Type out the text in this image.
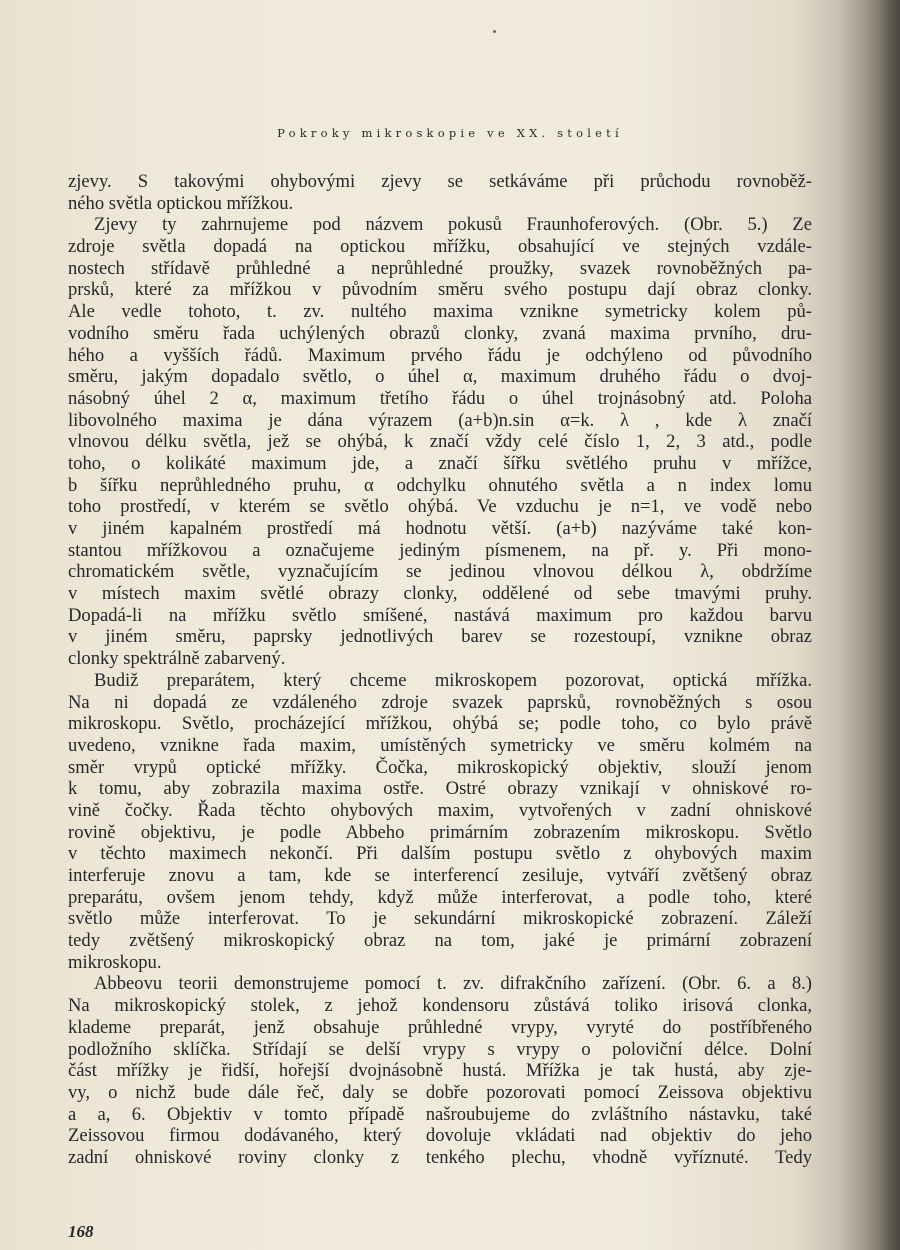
Pokroky mikroskopie ve XX. století
zjevy. S takovými ohybovými zjevy se setkáváme při průchodu rovnoběž-
ného světla optickou mřížkou.
Zjevy ty zahrnujeme pod názvem pokusů Fraunhoferových. (Obr. 5.) Ze
zdroje světla dopadá na optickou mřížku, obsahující ve stejných vzdále-
nostech střídavě průhledné a neprůhledné proužky, svazek rovnoběžných pa-
prsků, které za mřížkou v původním směru svého postupu dají obraz clonky.
Ale vedle tohoto, t. zv. nultého maxima vznikne symetricky kolem pů-
vodního směru řada uchýlených obrazů clonky, zvaná maxima prvního, dru-
hého a vyšších řádů. Maximum prvého řádu je odchýleno od původního
směru, jakým dopadalo světlo, o úhel α, maximum druhého řádu o dvoj-
násobný úhel 2 α, maximum třetího řádu o úhel trojnásobný atd. Poloha
libovolného maxima je dána výrazem (a+b)n.sin α=k. λ , kde λ značí
vlnovou délku světla, jež se ohýbá, k značí vždy celé číslo 1, 2, 3 atd., podle
toho, o kolikáté maximum jde, a značí šířku světlého pruhu v mřížce,
b šířku neprůhledného pruhu, α odchylku ohnutého světla a n index lomu
toho prostředí, v kterém se světlo ohýbá. Ve vzduchu je n=1, ve vodě nebo
v jiném kapalném prostředí má hodnotu větší. (a+b) nazýváme také kon-
stantou mřížkovou a označujeme jediným písmenem, na př. y. Při mono-
chromatickém světle, vyznačujícím se jedinou vlnovou délkou λ, obdržíme
v místech maxim světlé obrazy clonky, oddělené od sebe tmavými pruhy.
Dopadá-li na mřížku světlo smíšené, nastává maximum pro každou barvu
v jiném směru, paprsky jednotlivých barev se rozestoupí, vznikne obraz
clonky spektrálně zabarvený.
Budiž preparátem, který chceme mikroskopem pozorovat, optická mřížka.
Na ni dopadá ze vzdáleného zdroje svazek paprsků, rovnoběžných s osou
mikroskopu. Světlo, procházející mřížkou, ohýbá se; podle toho, co bylo právě
uvedeno, vznikne řada maxim, umístěných symetricky ve směru kolmém na
směr vrypů optické mřížky. Čočka, mikroskopický objektiv, slouží jenom
k tomu, aby zobrazila maxima ostře. Ostré obrazy vznikají v ohniskové ro-
vině čočky. Řada těchto ohybových maxim, vytvořených v zadní ohniskové
rovině objektivu, je podle Abbeho primárním zobrazením mikroskopu. Světlo
v těchto maximech nekončí. Při dalším postupu světlo z ohybových maxim
interferuje znovu a tam, kde se interferencí zesiluje, vytváří zvětšený obraz
preparátu, ovšem jenom tehdy, když může interferovat, a podle toho, které
světlo může interferovat. To je sekundární mikroskopické zobrazení. Záleží
tedy zvětšený mikroskopický obraz na tom, jaké je primární zobrazení
mikroskopu.
Abbeovu teorii demonstrujeme pomocí t. zv. difrakčního zařízení. (Obr. 6. a 8.)
Na mikroskopický stolek, z jehož kondensoru zůstává toliko irisová clonka,
klademe preparát, jenž obsahuje průhledné vrypy, vyryté do postříbřeného
podložního sklíčka. Střídají se delší vrypy s vrypy o poloviční délce. Dolní
část mřížky je řidší, hořejší dvojnásobně hustá. Mřížka je tak hustá, aby zje-
vy, o nichž bude dále řeč, daly se dobře pozorovati pomocí Zeissova objektivu
a a, 6. Objektiv v tomto případě našroubujeme do zvláštního nástavku, také
Zeissovou firmou dodávaného, který dovoluje vkládati nad objektiv do jeho
zadní ohniskové roviny clonky z tenkého plechu, vhodně vyříznuté. Tedy
168
